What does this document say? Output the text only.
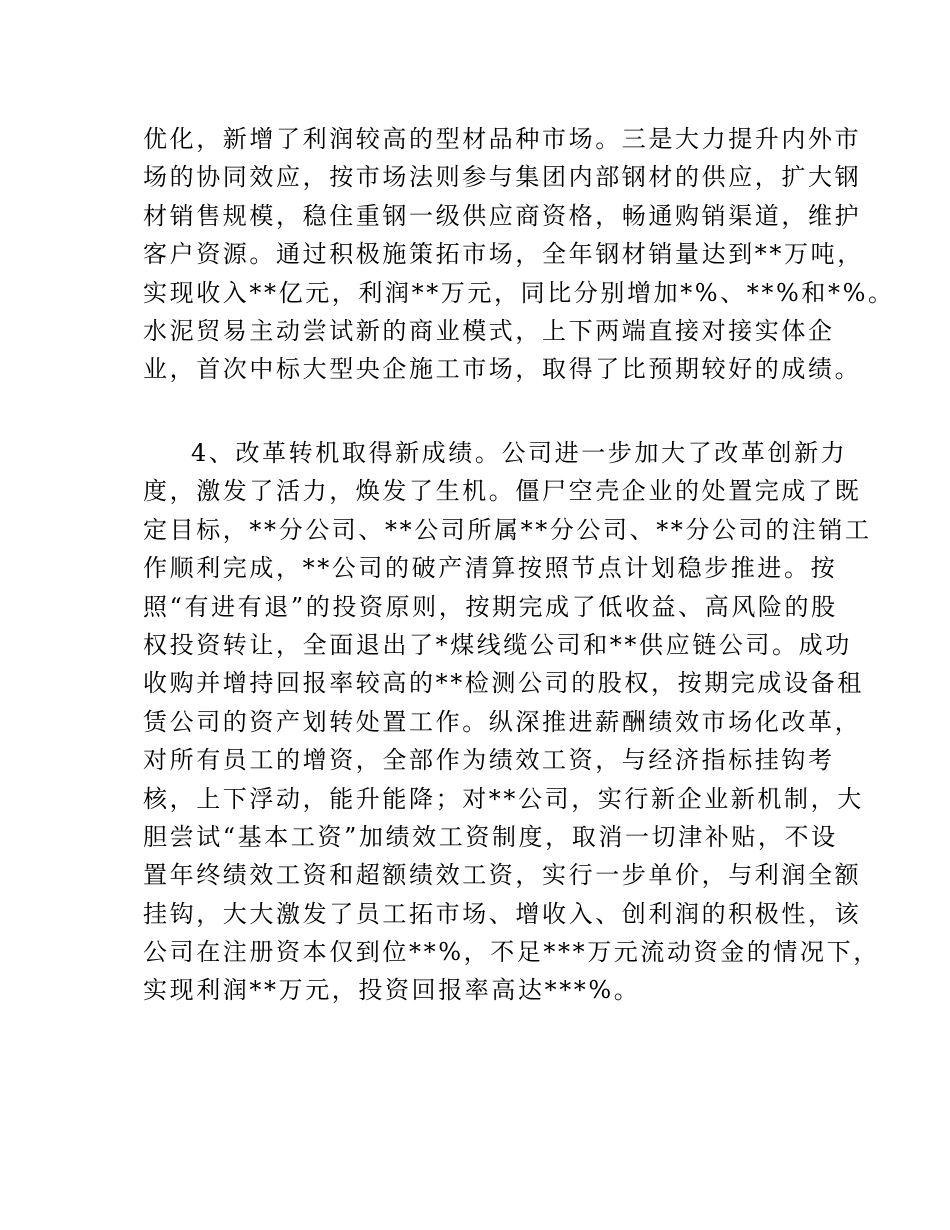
优化，新增了利润较高的型材品种市场。三是大力提升内外市
场的协同效应，按市场法则参与集团内部钢材的供应，扩大钢
材销售规模，稳住重钢一级供应商资格，畅通购销渠道，维护
客户资源。通过积极施策拓市场，全年钢材销量达到**万吨，
实现收入**亿元，利润**万元，同比分别增加*%、**%和*%。
水泥贸易主动尝试新的商业模式，上下两端直接对接实体企
业，首次中标大型央企施工市场，取得了比预期较好的成绩。
4、改革转机取得新成绩。公司进一步加大了改革创新力
度，激发了活力，焕发了生机。僵尸空壳企业的处置完成了既
定目标，**分公司、**公司所属**分公司、**分公司的注销工
作顺利完成，**公司的破产清算按照节点计划稳步推进。按
照“有进有退”的投资原则，按期完成了低收益、高风险的股
权投资转让，全面退出了*煤线缆公司和**供应链公司。成功
收购并增持回报率较高的**检测公司的股权，按期完成设备租
赁公司的资产划转处置工作。纵深推进薪酬绩效市场化改革，
对所有员工的增资，全部作为绩效工资，与经济指标挂钩考
核，上下浮动，能升能降；对**公司，实行新企业新机制，大
胆尝试“基本工资”加绩效工资制度，取消一切津补贴，不设
置年终绩效工资和超额绩效工资，实行一步单价，与利润全额
挂钩，大大激发了员工拓市场、增收入、创利润的积极性，该
公司在注册资本仅到位**%，不足***万元流动资金的情况下，
实现利润**万元，投资回报率高达***%。
